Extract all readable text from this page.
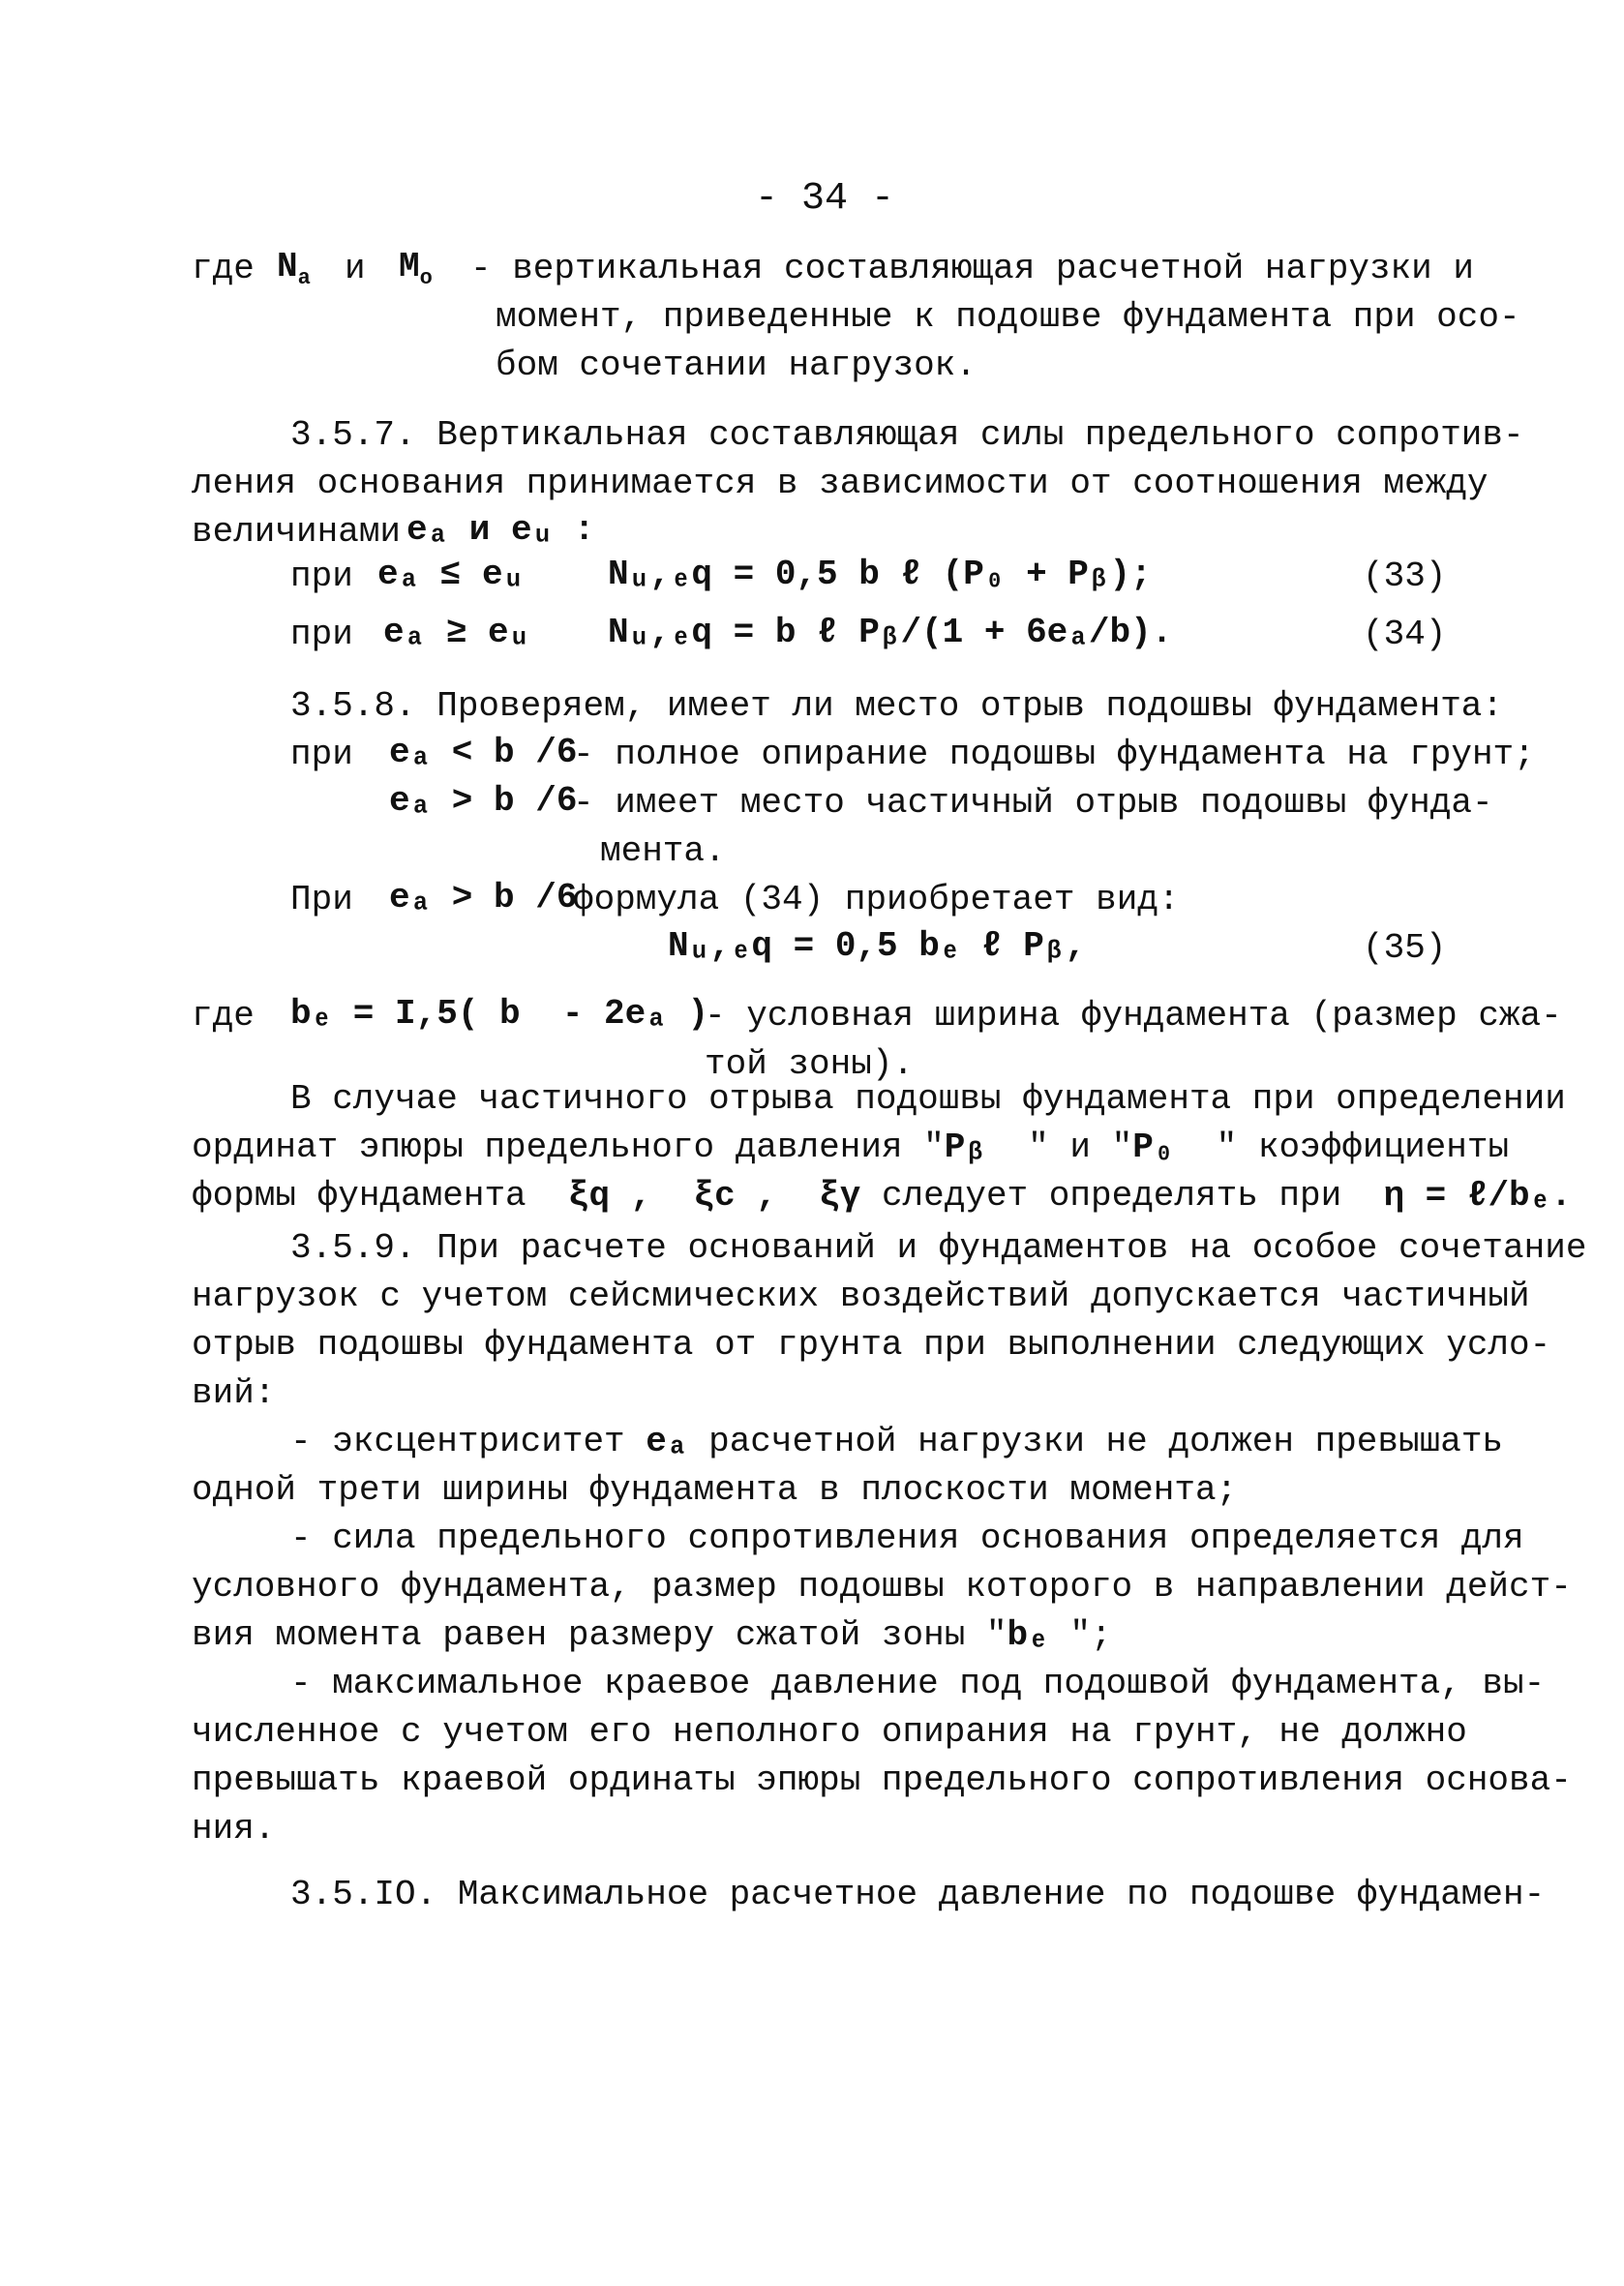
- 34 -
где $N_a$ и $M_o$ - вертикальная составляющая расчетной нагрузки и
момент, приведенные к подошве фундамента при осо-
бом сочетании нагрузок.
3.5.7. Вертикальная составляющая силы предельного сопротив-
ления основания принимается в зависимости от соотношения между
величинами eₐ и eᵤ :
при eₐ ≤ eᵤ Nᵤ,ₑq = 0,5 b ℓ (P₀ + Pᵦ);	(33)
при eₐ ≥ eᵤ Nᵤ,ₑq = b ℓ Pᵦ/(1 + 6eₐ/b).	(34)
3.5.8. Проверяем, имеет ли место отрыв подошвы фундамента:
при eₐ < b /6
- полное опирание подошвы фундамента на грунт;
eₐ > b /6
- имеет место частичный отрыв подошвы фунда-
мента.
При eₐ > b /6
формула (34) приобретает вид:
Nᵤ,ₑq = 0,5 bₑ ℓ Pᵦ,	(35)
где bₑ = I,5( b  - 2eₐ )
- условная ширина фундамента (размер сжа-
той зоны).
В случае частичного отрыва подошвы фундамента при определении
ординат эпюры предельного давления "Pᵦ " и "P₀ " коэффициенты
формы фундамента ξq ,  ξc ,  ξγ следует определять при η = ℓ/bₑ.
3.5.9. При расчете оснований и фундаментов на особое сочетание
нагрузок с учетом сейсмических воздействий допускается частичный
отрыв подошвы фундамента от грунта при выполнении следующих усло-
вий:
- эксцентриситет eₐ расчетной нагрузки не должен превышать
одной трети ширины фундамента в плоскости момента;
- сила предельного сопротивления основания определяется для
условного фундамента, размер подошвы которого в направлении дейст-
вия момента равен размеру сжатой зоны "bₑ ";
- максимальное краевое давление под подошвой фундамента, вы-
численное с учетом его неполного опирания на грунт, не должно
превышать краевой ординаты эпюры предельного сопротивления основа-
ния.
3.5.IO. Максимальное расчетное давление по подошве фундамен-
